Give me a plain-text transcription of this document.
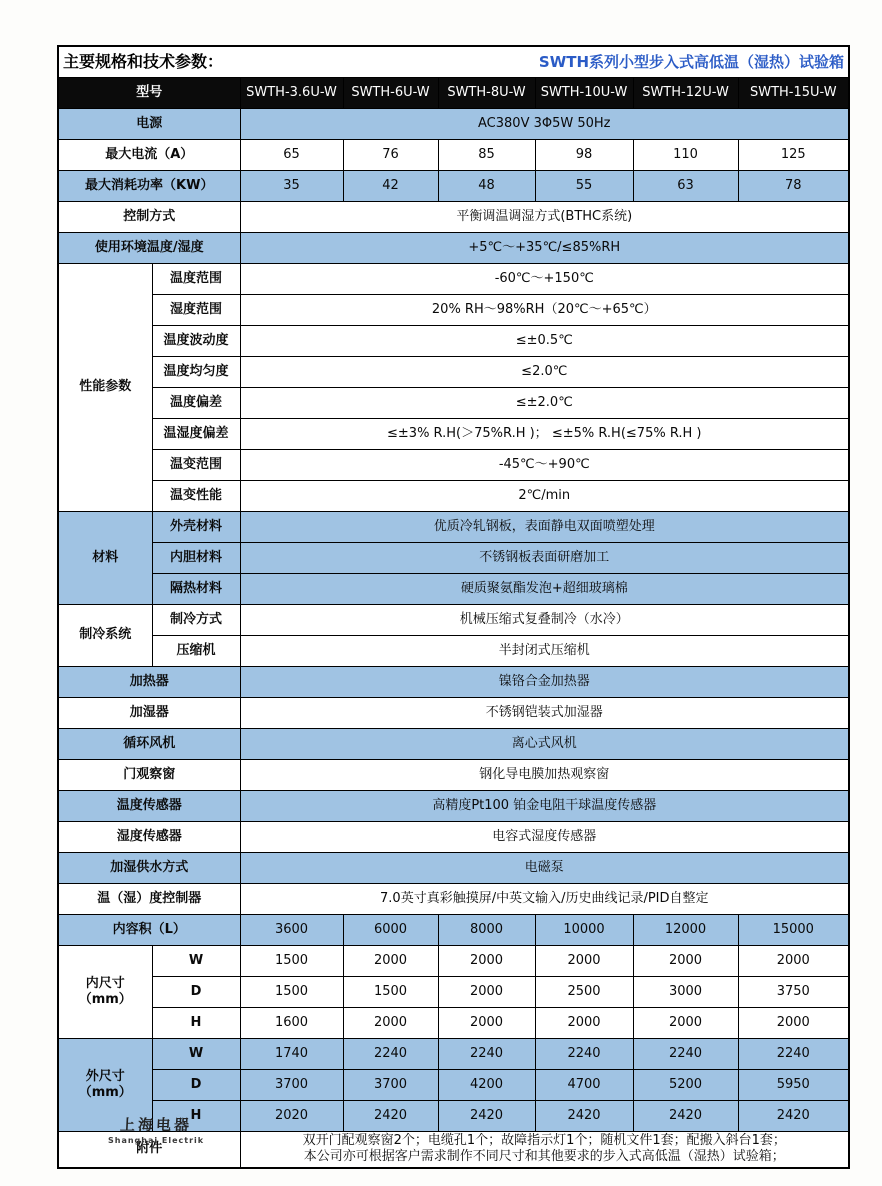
主要规格和技术参数： SWTH系列小型步入式高低温（湿热）试验箱							

型号		SWTH-3.6U-W	SWTH-6U-W	SWTH-8U-W	SWTH-10U-W	SWTH-12U-W	SWTH-15U-W
电源		AC380V 3Φ5W 50Hz					
最大电流（A）		65	76	85	98	110	125
最大消耗功率（KW）		35	42	48	55	63	78
控制方式		平衡调温调湿方式(BTHC系统)					
使用环境温度/湿度		+5℃～+35℃/≤85%RH					
性能参数	温度范围	-60℃～+150℃					
	湿度范围	20% RH～98%RH（20℃～+65℃）					
	温度波动度	≤±0.5℃					
	温度均匀度	≤2.0℃					
	温度偏差	≤±2.0℃					
	温湿度偏差	≤±3% R.H(＞75%R.H )； ≤±5% R.H(≤75% R.H )					
	温变范围	-45℃～+90℃					
	温变性能	2℃/min					
材料	外壳材料	优质冷轧钢板，表面静电双面喷塑处理					
	内胆材料	不锈钢板表面研磨加工					
	隔热材料	硬质聚氨酯发泡+超细玻璃棉					
制冷系统	制冷方式	机械压缩式复叠制冷（水冷）					
	压缩机	半封闭式压缩机					
加热器		镍铬合金加热器					
加湿器		不锈钢铠装式加湿器					
循环风机		离心式风机					
门观察窗		钢化导电膜加热观察窗					
温度传感器		高精度Pt100 铂金电阻干球温度传感器					
湿度传感器		电容式湿度传感器					
加湿供水方式		电磁泵					
温（湿）度控制器		7.0英寸真彩触摸屏/中英文输入/历史曲线记录/PID自整定					
内容积（L）		3600	6000	8000	10000	12000	15000
内尺寸（mm）	W	1500	2000	2000	2000	2000	2000
	D	1500	1500	2000	2500	3000	3750
	H	1600	2000	2000	2000	2000	2000
外尺寸（mm）	W	1740	2240	2240	2240	2240	2240
	D	3700	3700	4200	4700	5200	5950
	H	2020	2420	2420	2420	2420	2420
附件		双开门配观察窗2个；电缆孔1个；故障指示灯1个；随机文件1套；配搬入斜台1套；
本公司亦可根据客户需求制作不同尺寸和其他要求的步入式高低温（湿热）试验箱；					
上海电器
Shanghai Electrik
